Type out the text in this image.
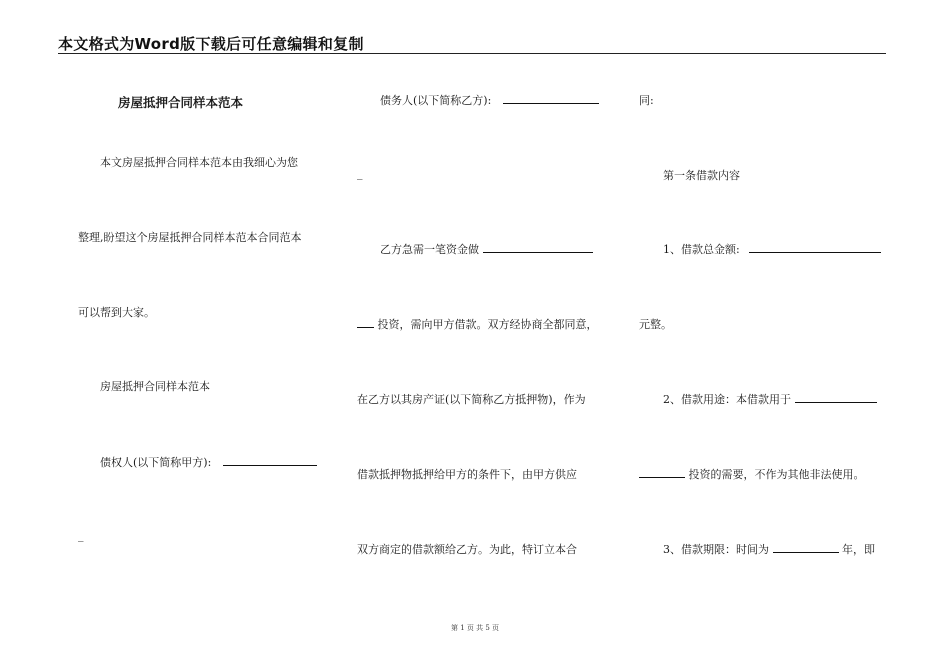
本文格式为Word版下载后可任意编辑和复制
房屋抵押合同样本范本
本文房屋抵押合同样本范本由我细心为您
整理,盼望这个房屋抵押合同样本范本合同范本
可以帮到大家。
房屋抵押合同样本范本
债权人(以下简称甲方):
_
债务人(以下简称乙方):
_
乙方急需一笔资金做
投资，需向甲方借款。双方经协商全都同意，
在乙方以其房产证(以下简称乙方抵押物)，作为
借款抵押物抵押给甲方的条件下，由甲方供应
双方商定的借款额给乙方。为此，特订立本合
同:
第一条借款内容
1、借款总金额:
元整。
2、借款用途：本借款用于
投资的需要，不作为其他非法使用。
3、借款期限：时间为	年，即
第 1 页 共 5 页
